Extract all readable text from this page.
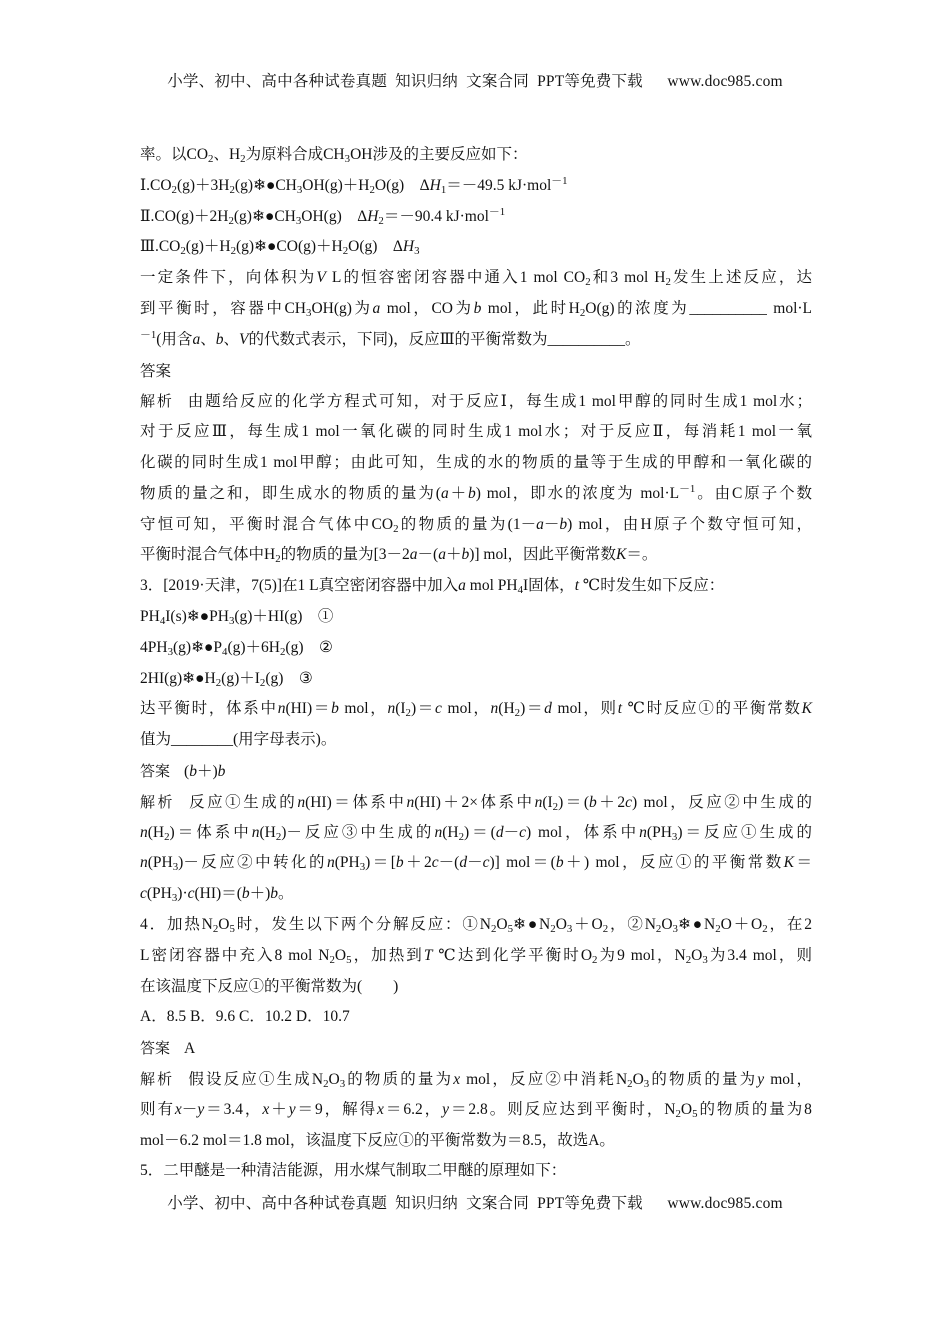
小学、初中、高中各种试卷真题  知识归纳  文案合同  PPT等免费下载      www.doc985.com
率。以$CO_2$、$H_2$为原料合成$CH_3OH$涉及的主要反应如下：
$Ⅰ.CO_2(g)+3H_2(g)❄●CH_3OH(g)+H_2O(g)$    $\Delta H_1=-49.5$ kJ·mol$^{-1}$
$Ⅱ.CO(g)+2H_2(g)❄●CH_3OH(g)$    $\Delta H_2=-90.4$ kJ·mol$^{-1}$
$Ⅲ.CO_2(g)+H_2(g)❄●CO(g)+H_2O(g)$    $\Delta H_3$
一定条件下，向体积为V L的恒容密闭容器中通入1 mol $CO_2$和3 mol $H_2$发生上述反应，达
到平衡时，容器中$CH_3OH(g)$为a mol，CO为b mol，此时$H_2O(g)$的浓度为__________ mol·L
$^{-1}$(用含a、b、V的代数式表示，下同)，反应Ⅲ的平衡常数为__________。
答案
解析 由题给反应的化学方程式可知，对于反应Ⅰ，每生成1 mol甲醇的同时生成1 mol水；
对于反应Ⅲ，每生成1 mol一氧化碳的同时生成1 mol水；对于反应Ⅱ，每消耗1 mol一氧
化碳的同时生成1 mol甲醇；由此可知，生成的水的物质的量等于生成的甲醇和一氧化碳的
物质的量之和，即生成水的物质的量为(a＋b) mol，即水的浓度为 $mol\cdot L^{-1}$。由C原子个数
守恒可知，平衡时混合气体中$CO_2$的物质的量为(1－a－b) mol，由H原子个数守恒可知，
平衡时混合气体中$H_2$的物质的量为[3－2a－(a＋b)] mol，因此平衡常数K＝。
3．[2019·天津，7(5)]在1 L真空密闭容器中加入a mol $PH_4I$固体，t ℃时发生如下反应：
$PH_4I(s)❄●PH_3(g)+HI(g)$    ①
$4PH_3(g)❄●P_4(g)+6H_2(g)$    ②
$2HI(g)❄●H_2(g)+I_2(g)$    ③
达平衡时，体系中n(HI)＝b mol，$n(I_2)=c$ mol，$n(H_2)=d$ mol，则t ℃时反应①的平衡常数K
值为________(用字母表示)。
答案 (b＋)b
解析 反应①生成的n(HI)＝体系中n(HI)＋2×体系中$n(I_2)=(b+2c)$ mol，反应②中生成的
$n(H_2)=$体系中$n(H_2)-$反应③中生成的$n(H_2)=(d-c)$ mol，体系中$n(PH_3)=$反应①生成的
$n(PH_3)-$反应②中转化的$n(PH_3)=[b+2c-(d-c)]$ mol＝(b＋) mol，反应①的平衡常数K＝
$c(PH_3)\cdot c(HI)=(b+)b$。
4．加热$N_2O_5$时，发生以下两个分解反应：$①N_2O_5❄●N_2O_3+O_2$，$②N_2O_3❄●N_2O+O_2$，在2
L密闭容器中充入8 mol $N_2O_5$，加热到T ℃达到化学平衡时$O_2$为9 mol，$N_2O_3$为3.4 mol，则
在该温度下反应①的平衡常数为(　　)
A．8.5 B．9.6 C．10.2 D．10.7
答案 A
解析 假设反应①生成$N_2O_3$的物质的量为x mol，反应②中消耗$N_2O_3$的物质的量为y mol，
则有x－y＝3.4，x＋y＝9，解得x＝6.2，y＝2.8。则反应达到平衡时，$N_2O_5$的物质的量为8
mol－6.2 mol＝1.8 mol，该温度下反应①的平衡常数为＝8.5，故选A。
5．二甲醚是一种清洁能源，用水煤气制取二甲醚的原理如下：
小学、初中、高中各种试卷真题  知识归纳  文案合同  PPT等免费下载      www.doc985.com
